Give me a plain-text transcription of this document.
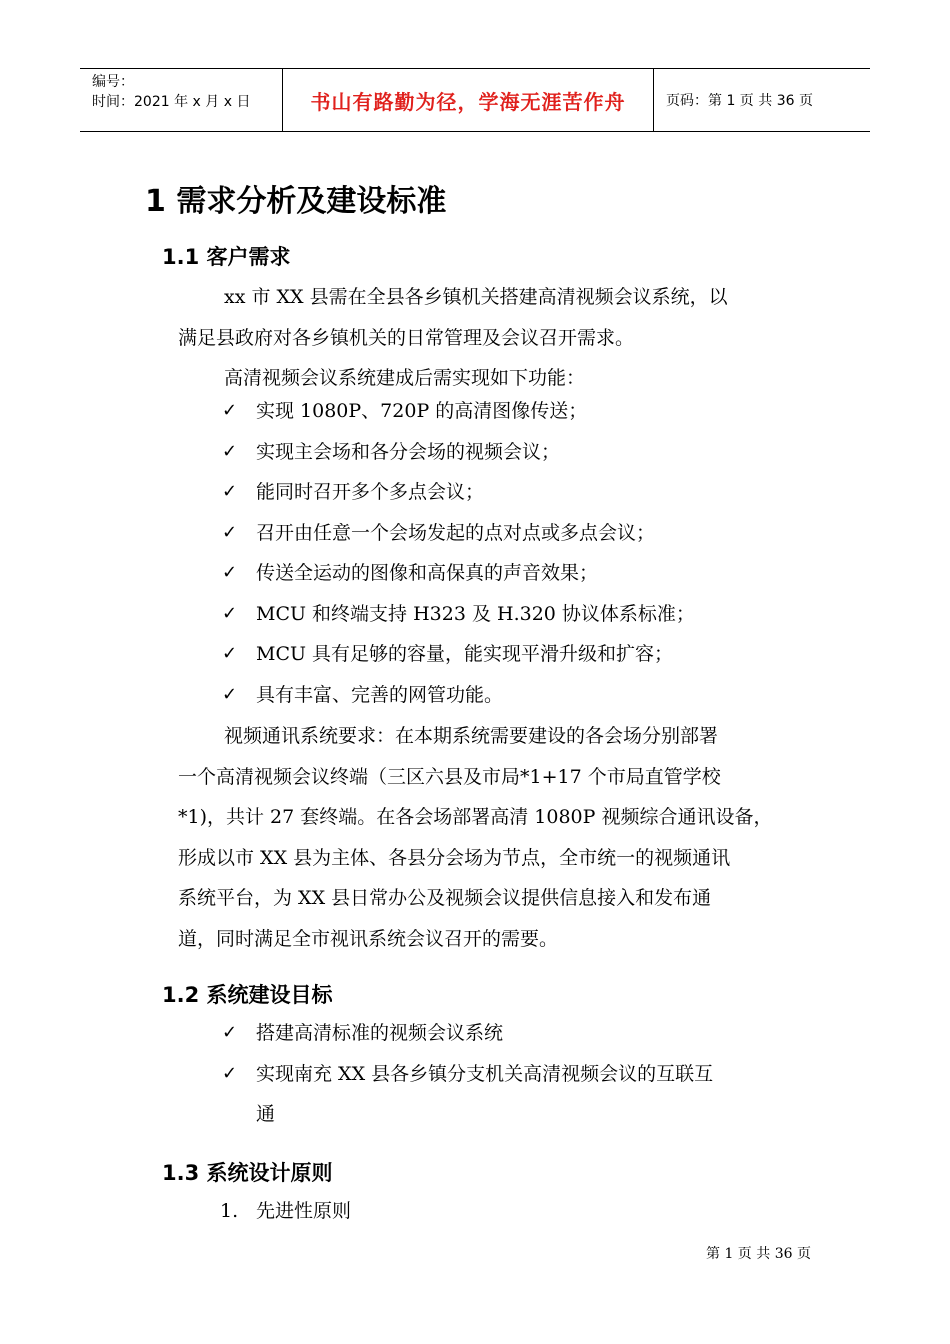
编号：
时间：2021 年 x 月 x 日	书山有路勤为径，学海无涯苦作舟	页码：第 1 页 共 36 页
1 需求分析及建设标准
1.1 客户需求
xx 市 XX 县需在全县各乡镇机关搭建高清视频会议系统，以
满足县政府对各乡镇机关的日常管理及会议召开需求。
高清视频会议系统建成后需实现如下功能：
✓ 实现 1080P、720P 的高清图像传送；
✓ 实现主会场和各分会场的视频会议；
✓ 能同时召开多个多点会议；
✓ 召开由任意一个会场发起的点对点或多点会议；
✓ 传送全运动的图像和高保真的声音效果；
✓ MCU 和终端支持 H323 及 H.320 协议体系标准；
✓ MCU 具有足够的容量，能实现平滑升级和扩容；
✓ 具有丰富、完善的网管功能。
视频通讯系统要求：在本期系统需要建设的各会场分别部署
一个高清视频会议终端（三区六县及市局*1+17 个市局直管学校
*1)，共计 27 套终端。在各会场部署高清 1080P 视频综合通讯设备，
形成以市 XX 县为主体、各县分会场为节点，全市统一的视频通讯
系统平台，为 XX 县日常办公及视频会议提供信息接入和发布通
道，同时满足全市视讯系统会议召开的需要。
1.2 系统建设目标
✓ 搭建高清标准的视频会议系统
✓ 实现南充 XX 县各乡镇分支机关高清视频会议的互联互
通
1.3 系统设计原则
1. 先进性原则
第 1 页 共 36 页
